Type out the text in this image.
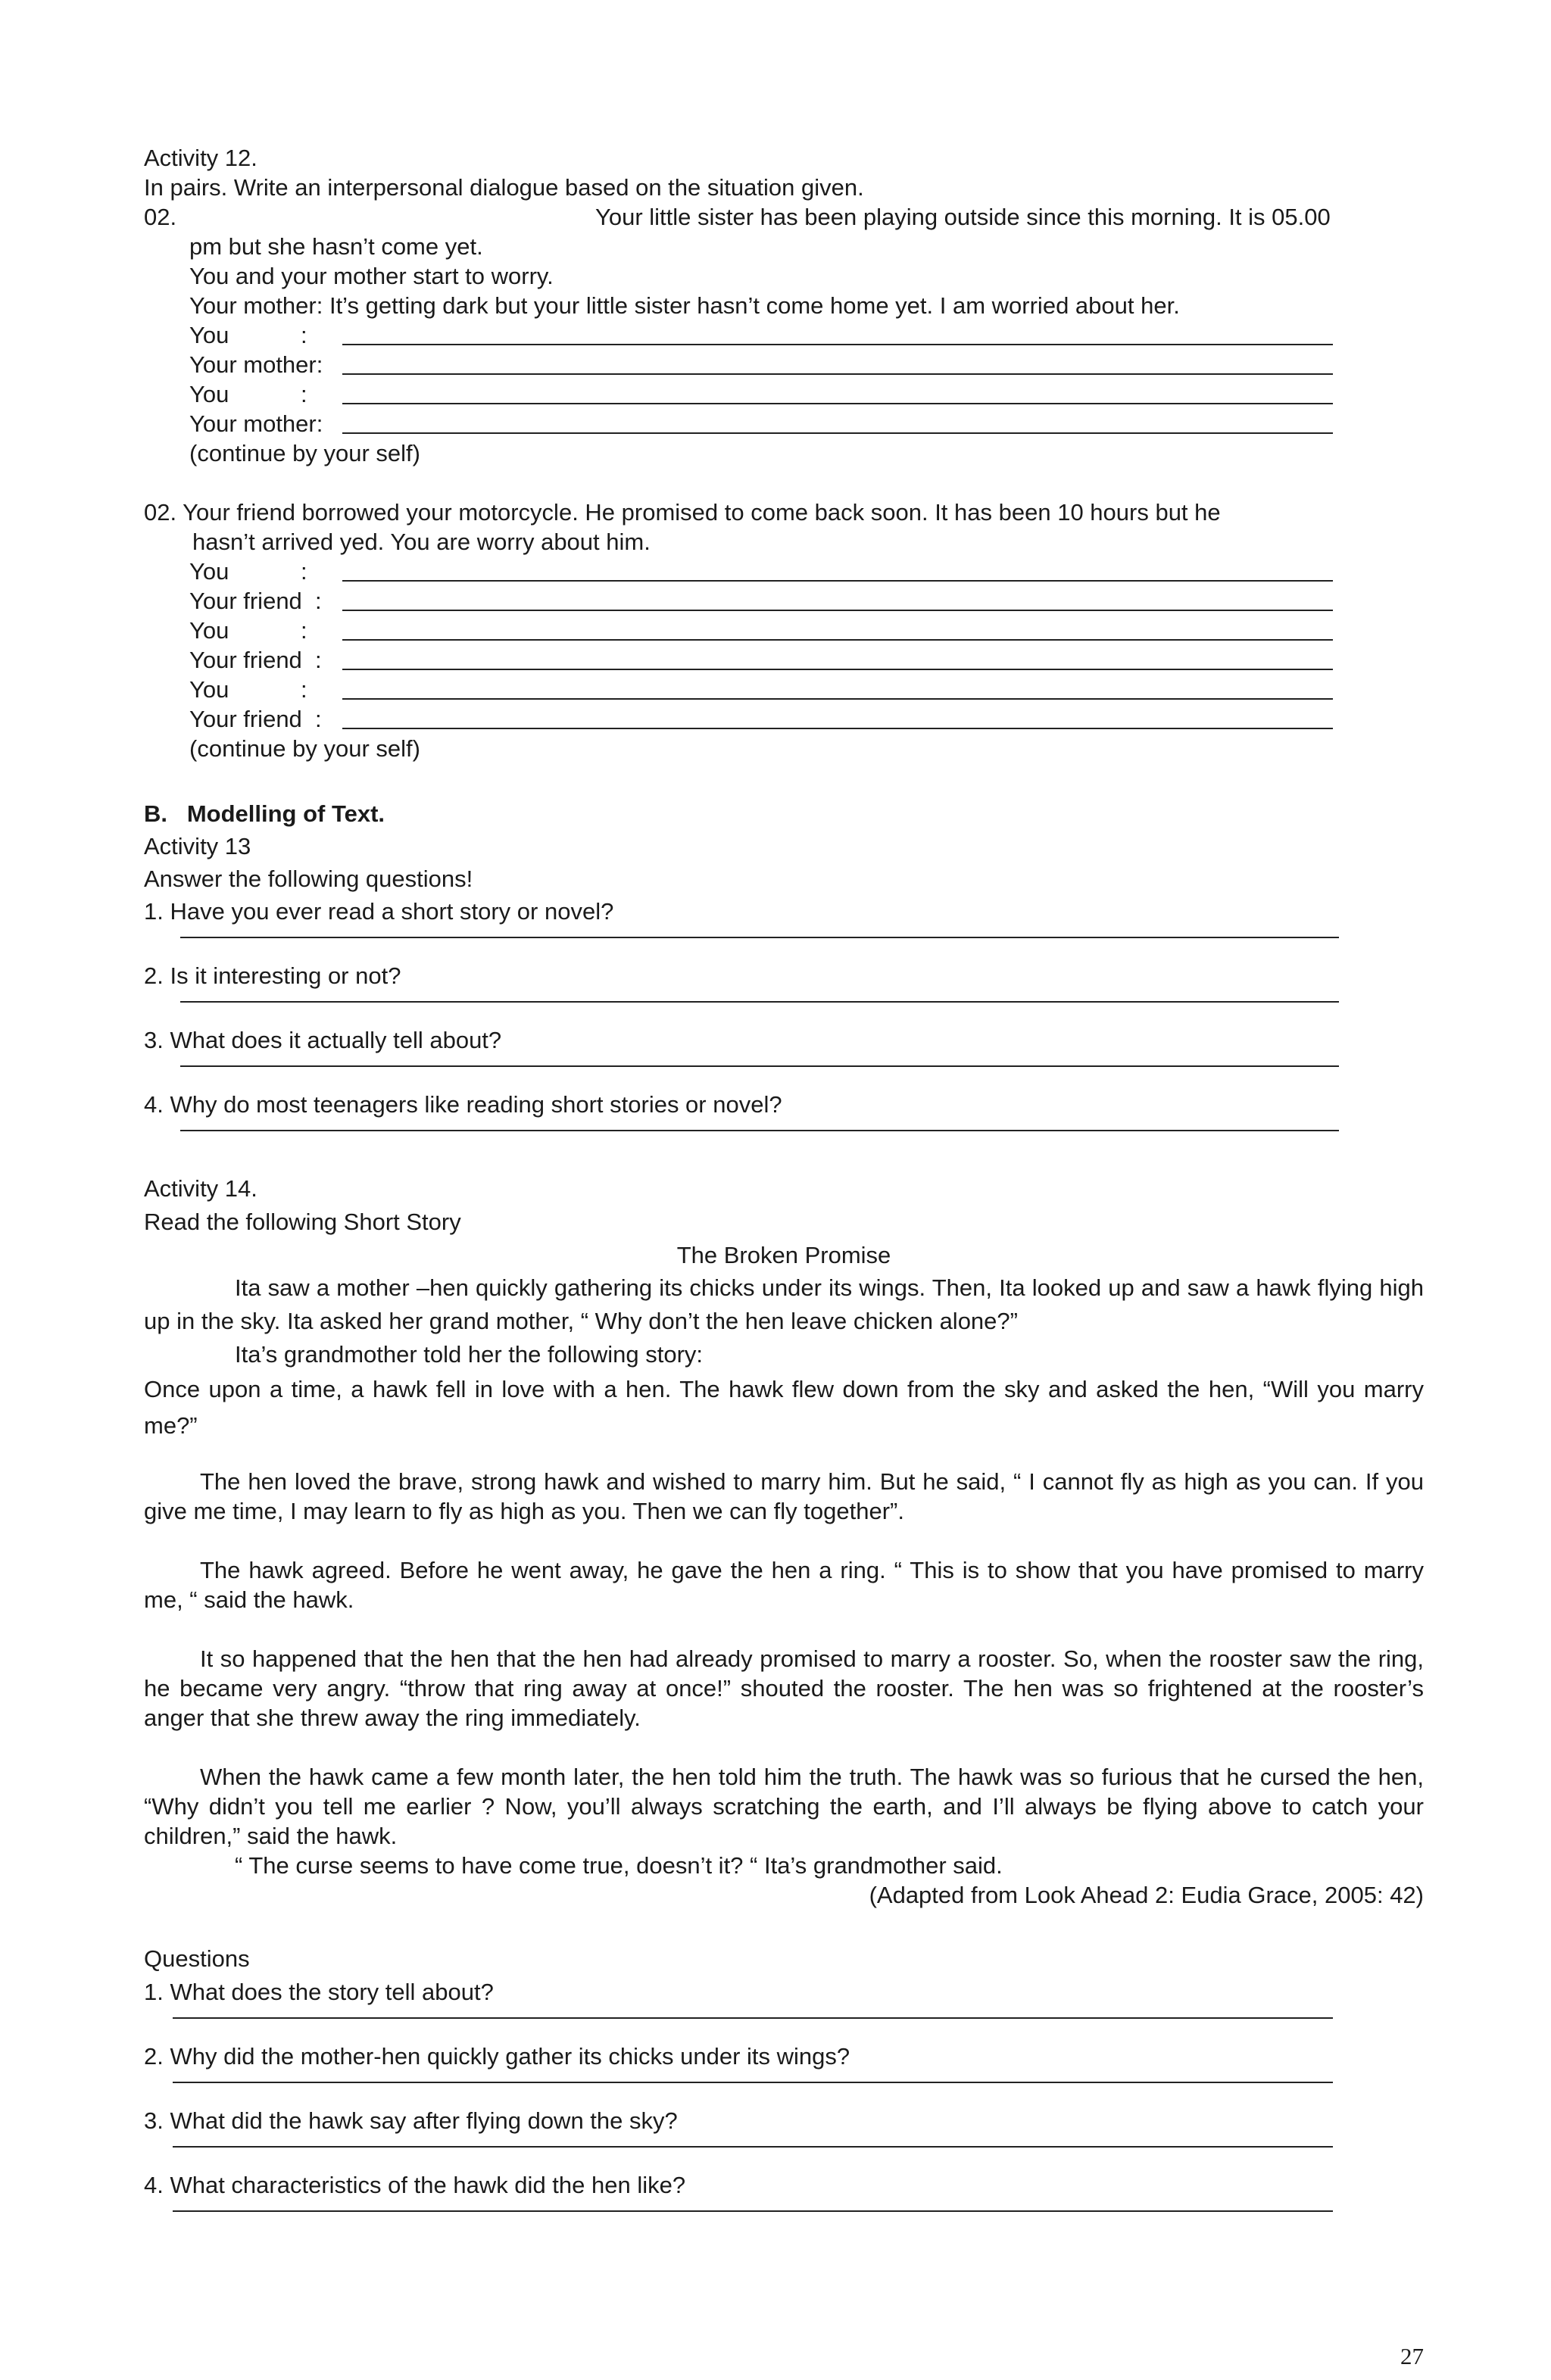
Activity 12.
In pairs. Write an interpersonal dialogue based on the situation given.
02.	Your little sister has been playing outside since this morning. It is 05.00
pm but she hasn’t come yet.
You and your mother start to worry.
Your mother: It’s getting dark but your little sister hasn’t come home yet. I am worried about her.
You           :
Your mother:
You           :
Your mother:
(continue by your self)
02. Your friend borrowed your motorcycle. He promised to come back soon. It has been 10 hours but he
hasn’t arrived yed. You are worry about him.
You           :
Your friend  :
You           :
Your friend  :
You           :
Your friend  :
(continue by your self)
B.   Modelling of Text.
Activity 13
Answer the following questions!
1. Have you ever read a short story or novel?
2. Is it interesting or not?
3. What does it actually tell about?
4. Why do most teenagers like reading short stories or novel?
Activity 14.
Read the following Short Story
The Broken Promise
Ita saw a mother –hen quickly gathering its chicks under its wings. Then, Ita looked up and saw a hawk flying high up in the sky. Ita asked her grand mother, “ Why don’t the hen leave chicken alone?”
Ita’s grandmother told her the following story:
Once upon a time, a hawk fell in love with a hen. The hawk flew down from the sky and asked the hen, “Will you marry me?”
The hen loved the brave, strong hawk and wished to marry him. But he said, “ I cannot fly as high as you can. If you give me time, I may learn to fly as high as you. Then we can fly together”.
The hawk agreed. Before he went away, he gave the hen a ring. “ This is to show that you have promised to marry me, “ said the hawk.
It so happened that the hen that the hen had already promised to marry a rooster. So, when the rooster saw the ring, he became very angry. “throw that ring away at once!” shouted the rooster. The hen was so frightened at the rooster’s anger that she threw away the ring immediately.
When the hawk came a few month later, the hen told him the truth. The hawk was so furious that he cursed the hen, “Why didn’t you tell me earlier ? Now, you’ll always scratching the earth, and I’ll always be flying above to catch your children,” said the hawk.
“ The curse seems to have come true, doesn’t it? “ Ita’s grandmother said.
(Adapted from Look Ahead 2: Eudia Grace, 2005: 42)
Questions
1. What does the story tell about?
2. Why did the mother-hen quickly gather its chicks under its wings?
3. What did the hawk say after flying down the sky?
4. What characteristics of the hawk did the hen like?
27
